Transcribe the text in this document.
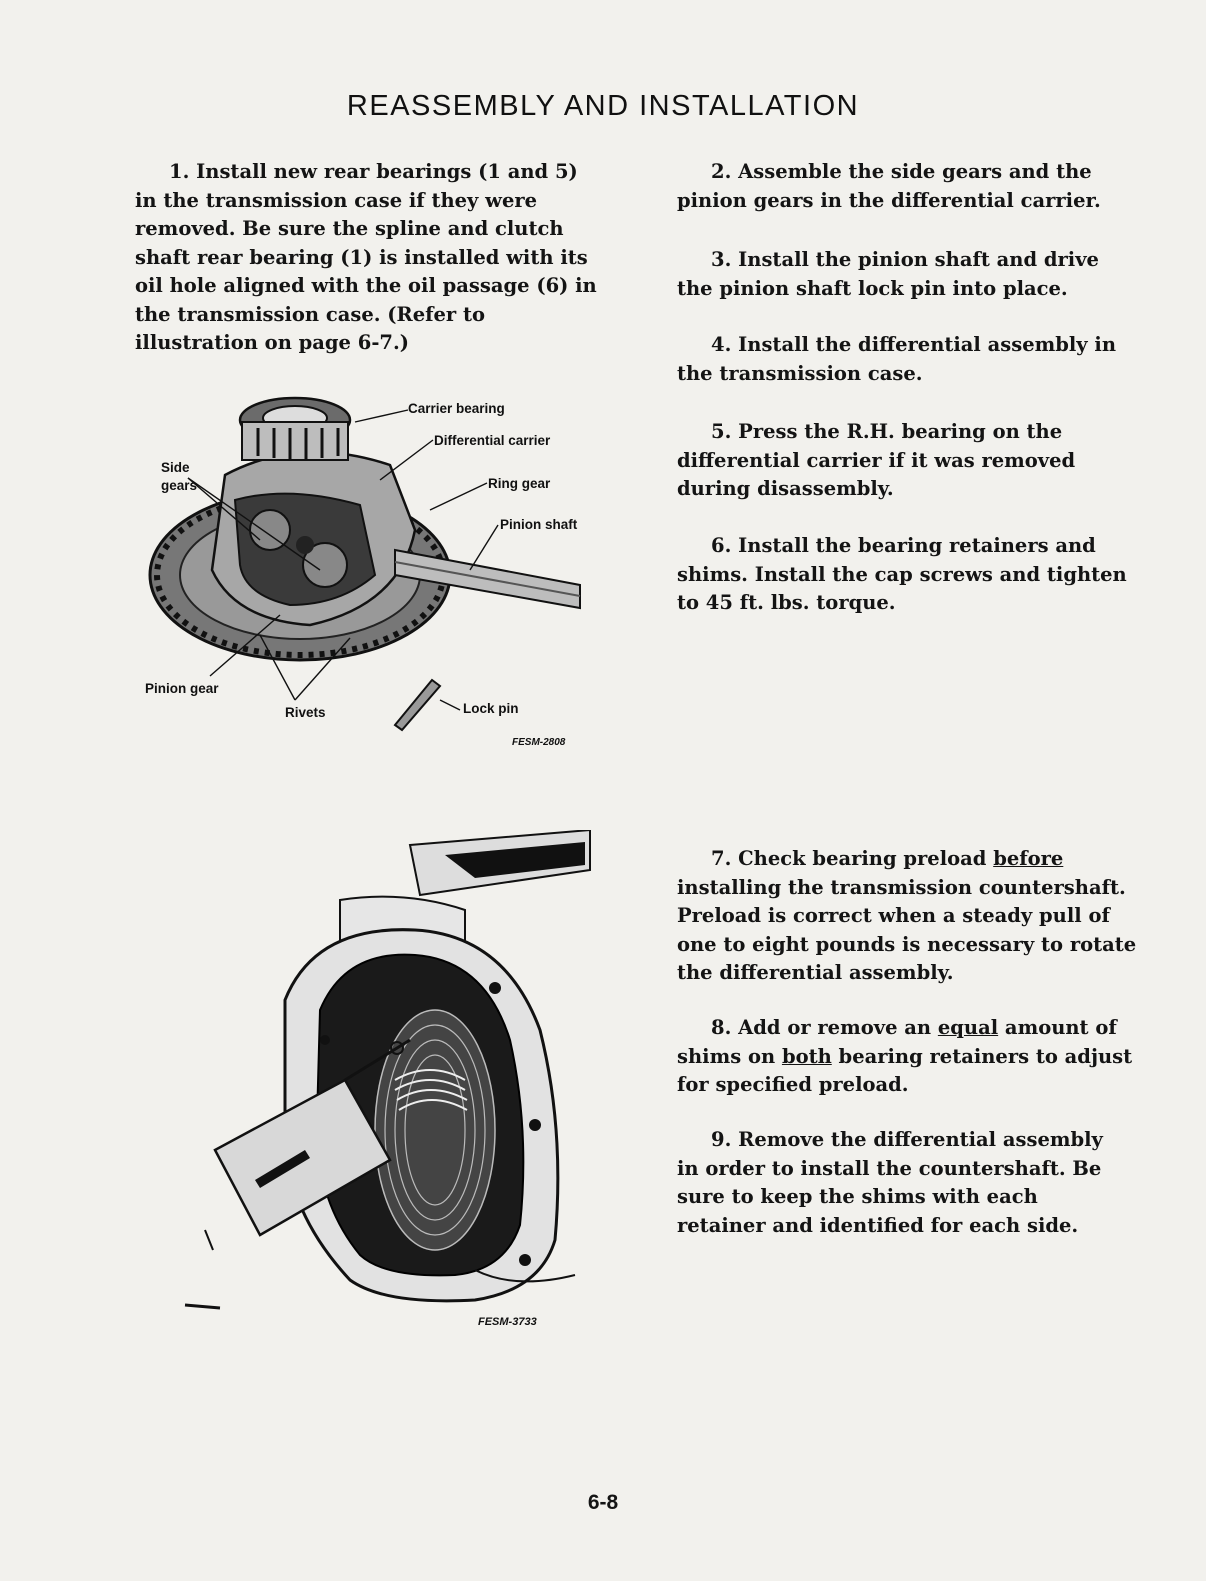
REASSEMBLY AND INSTALLATION
1. Install new rear bearings (1 and 5) in the transmission case if they were removed. Be sure the spline and clutch shaft rear bearing (1) is installed with its oil hole aligned with the oil passage (6) in the transmission case. (Refer to illustration on page 6-7.)
2. Assemble the side gears and the pinion gears in the differential carrier.
3. Install the pinion shaft and drive the pinion shaft lock pin into place.
4. Install the differential assembly in the transmission case.
5. Press the R.H. bearing on the differential carrier if it was removed during disassembly.
6. Install the bearing retainers and shims. Install the cap screws and tighten to 45 ft. lbs. torque.
7. Check bearing preload before installing the transmission countershaft. Preload is correct when a steady pull of one to eight pounds is necessary to rotate the differential assembly.
8. Add or remove an equal amount of shims on both bearing retainers to adjust for specified preload.
9. Remove the differential assembly in order to install the countershaft. Be sure to keep the shims with each retainer and identified for each side.
Carrier bearing
Differential carrier
Side
gears	Ring gear
Pinion shaft
Pinion gear
Rivets	Lock pin
FESM-2808
FESM-3733
6-8
